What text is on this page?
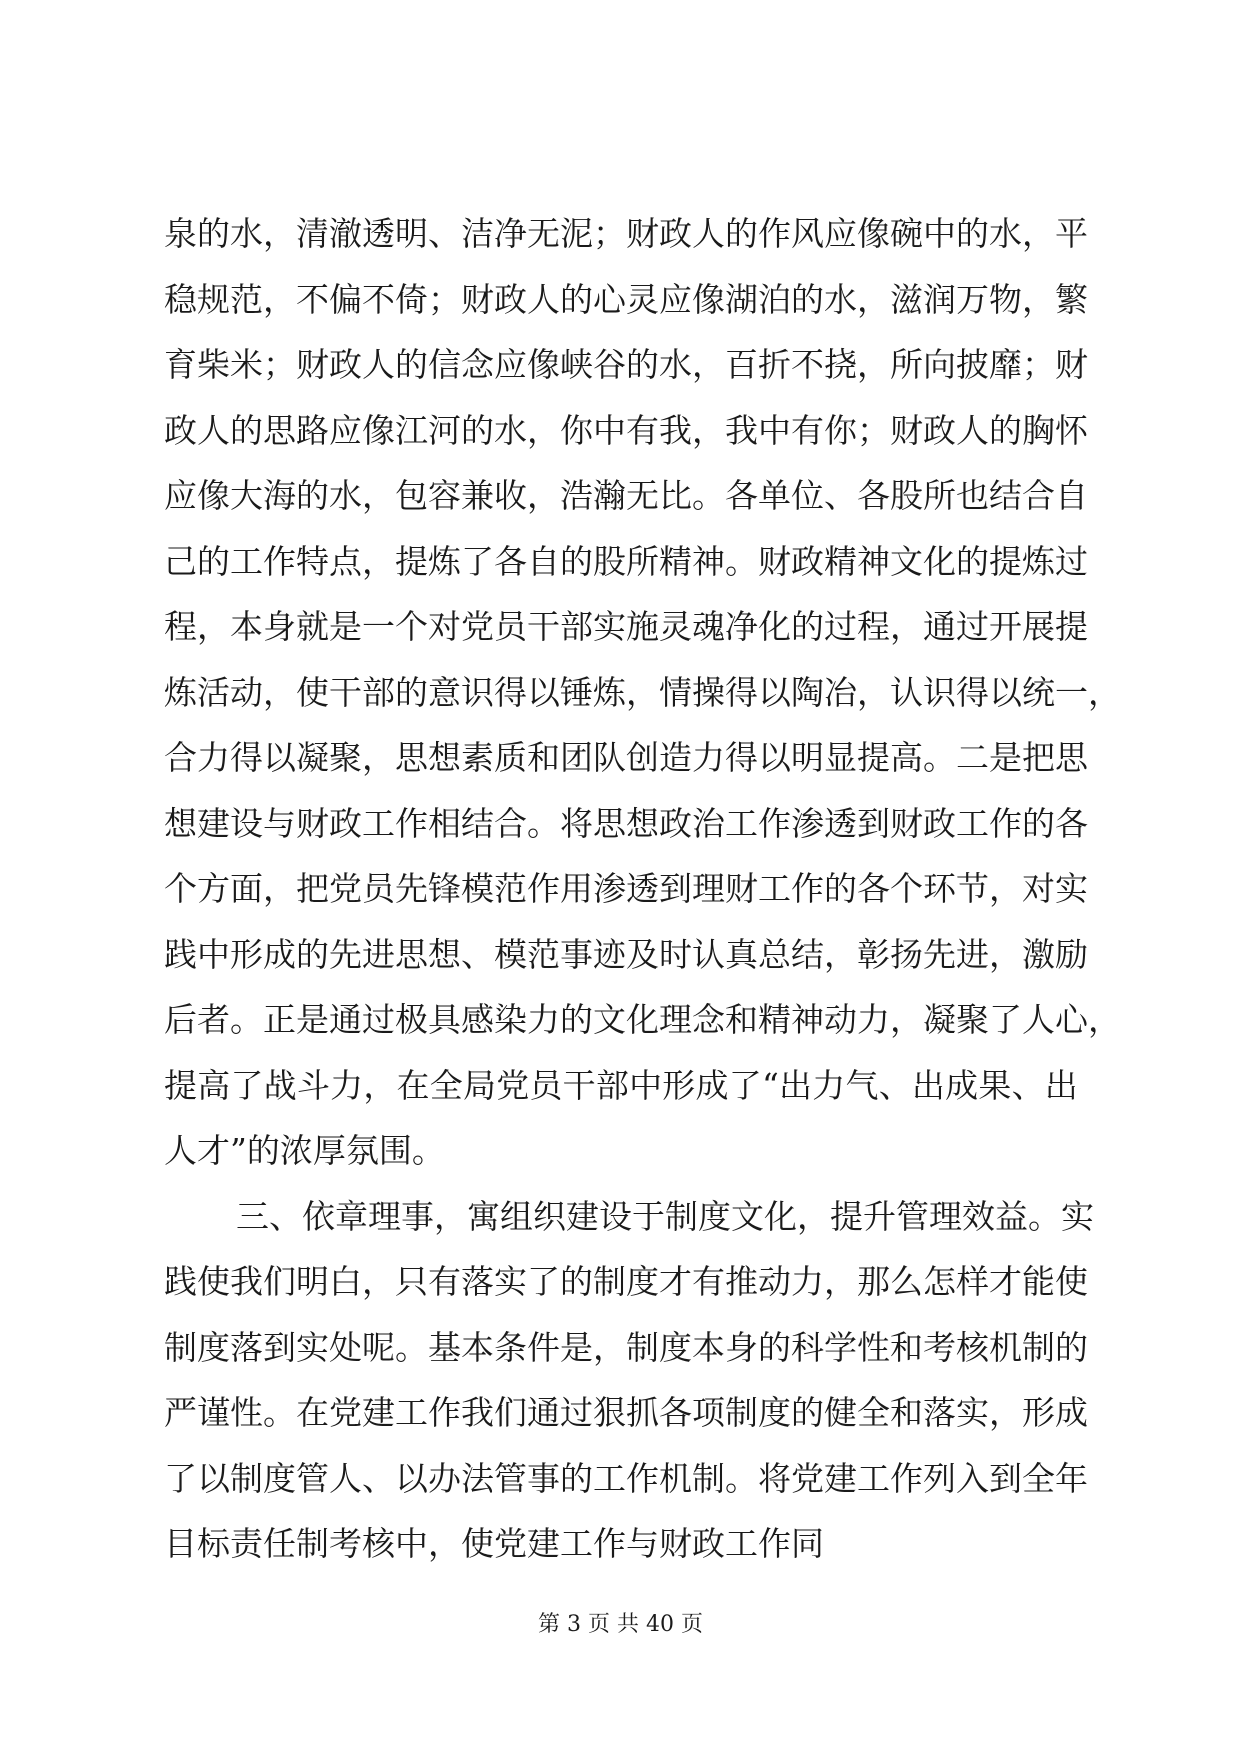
泉 的 水 ， 清 澈 透 明 、 洁 净 无 泥 ； 财 政 人 的 作 风 应 像 碗 中 的 水 ， 平
稳 规 范 ， 不 偏 不 倚 ； 财 政 人 的 心 灵 应 像 湖 泊 的 水 ， 滋 润 万 物 ， 繁
育 柴 米 ； 财 政 人 的 信 念 应 像 峡 谷 的 水 ， 百 折 不 挠 ， 所 向 披 靡 ； 财
政 人 的 思 路 应 像 江 河 的 水 ， 你 中 有 我 ， 我 中 有 你 ； 财 政 人 的 胸 怀
应 像 大 海 的 水 ， 包 容 兼 收 ， 浩 瀚 无 比 。 各 单 位 、 各 股 所 也 结 合 自
己 的 工 作 特 点 ， 提 炼 了 各 自 的 股 所 精 神 。 财 政 精 神 文 化 的 提 炼 过
程 ， 本 身 就 是 一 个 对 党 员 干 部 实 施 灵 魂 净 化 的 过 程 ， 通 过 开 展 提
炼 活 动 ， 使 干 部 的 意 识 得 以 锤 炼 ， 情 操 得 以 陶 冶 ， 认 识 得 以 统 一 ，
合 力 得 以 凝 聚 ， 思 想 素 质 和 团 队 创 造 力 得 以 明 显 提 高 。 二 是 把 思
想 建 设 与 财 政 工 作 相 结 合 。 将 思 想 政 治 工 作 渗 透 到 财 政 工 作 的 各
个 方 面 ， 把 党 员 先 锋 模 范 作 用 渗 透 到 理 财 工 作 的 各 个 环 节 ， 对 实
践 中 形 成 的 先 进 思 想 、 模 范 事 迹 及 时 认 真 总 结 ， 彰 扬 先 进 ， 激 励
后 者 。 正 是 通 过 极 具 感 染 力 的 文 化 理 念 和 精 神 动 力 ， 凝 聚 了 人 心 ，
提 高 了 战 斗 力 ， 在 全 局 党 员 干 部 中 形 成 了 “ 出 力 气 、 出 成 果 、 出
人才”的浓厚氛围。
三 、 依 章 理 事 ， 寓 组 织 建 设 于 制 度 文 化 ， 提 升 管 理 效 益 。 实
践 使 我 们 明 白 ， 只 有 落 实 了 的 制 度 才 有 推 动 力 ， 那 么 怎 样 才 能 使
制 度 落 到 实 处 呢 。 基 本 条 件 是 ， 制 度 本 身 的 科 学 性 和 考 核 机 制 的
严 谨 性 。 在 党 建 工 作 我 们 通 过 狠 抓 各 项 制 度 的 健 全 和 落 实 ， 形 成
了 以 制 度 管 人 、 以 办 法 管 事 的 工 作 机 制 。 将 党 建 工 作 列 入 到 全 年
目标责任制考核中，使党建工作与财政工作同
第 3 页 共 40 页
